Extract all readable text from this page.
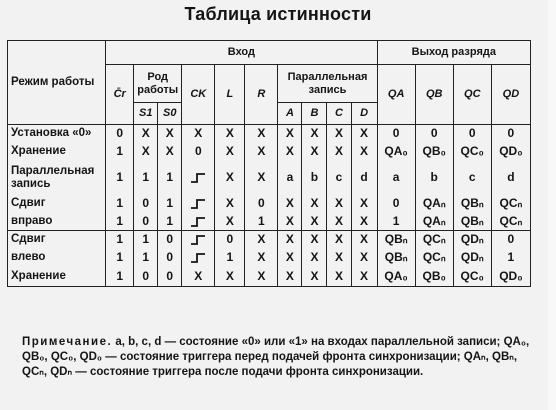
Таблица истинности
Режим работы	Вход										Выход разряда			
	C̄r	Род работы		CK	L	R	Параллельная запись				QA	QB	QC	QD
		S1	S0				A	B	C	D				

Установка «0»	0	X	X	X	X	X	X	X	X	X	0	0	0	0

Хранение	1	X	X	0	X	X	X	X	X	X	QA₀	QB₀	QC₀	QD₀

Параллельная
запись	1	1	1		X	X	a	b	c	d	a	b	c	d

Сдвиг	1	0	1		X	0	X	X	X	X	0	QAₙ	QBₙ	QCₙ

вправо	1	0	1		X	1	X	X	X	X	1	QAₙ	QBₙ	QCₙ

Сдвиг	1	1	0		0	X	X	X	X	X	QBₙ	QCₙ	QDₙ	0

влево	1	1	0		1	X	X	X	X	X	QBₙ	QCₙ	QDₙ	1

Хранение	1	0	0	X	X	X	X	X	X	X	QA₀	QB₀	QC₀	QD₀
Примечание. a, b, c, d — состояние «0» или «1» на входах параллельной записи; QA₀, QB₀, QC₀, QD₀ — состояние триггера перед подачей фронта синхронизации; QAₙ, QBₙ, QCₙ, QDₙ — состояние триггера после подачи фронта синхронизации.
